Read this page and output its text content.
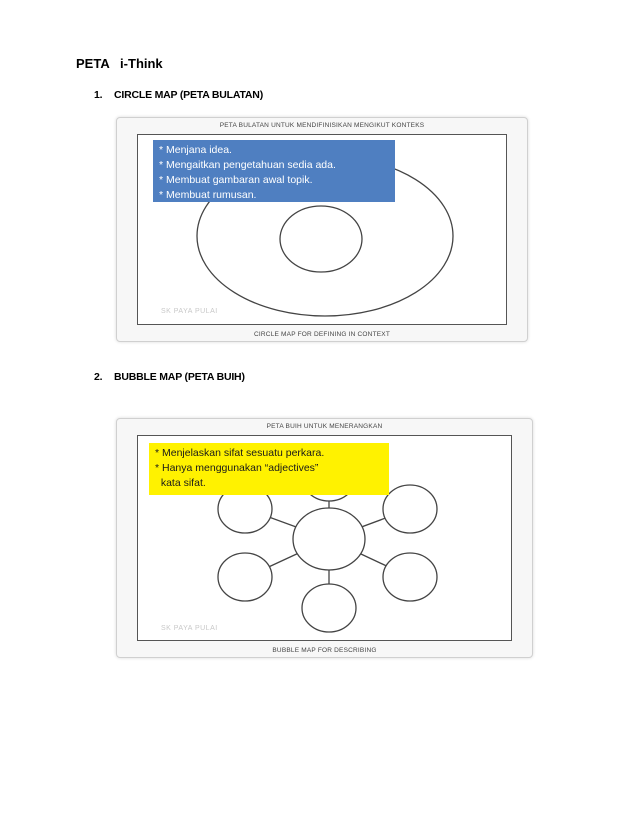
PETA   i-Think
1. CIRCLE MAP (PETA BULATAN)
PETA BULATAN UNTUK MENDIFINISIKAN MENGIKUT KONTEKS
* Menjana idea.
* Mengaitkan pengetahuan sedia ada.
* Membuat gambaran awal topik.
* Membuat rumusan.
SK PAYA PULAI
CIRCLE MAP FOR DEFINING IN CONTEXT
2. BUBBLE MAP (PETA BUIH)
PETA BUIH UNTUK MENERANGKAN
* Menjelaskan sifat sesuatu perkara.
* Hanya menggunakan “adjectives”
kata sifat.
SK PAYA PULAI
BUBBLE MAP FOR DESCRIBING
